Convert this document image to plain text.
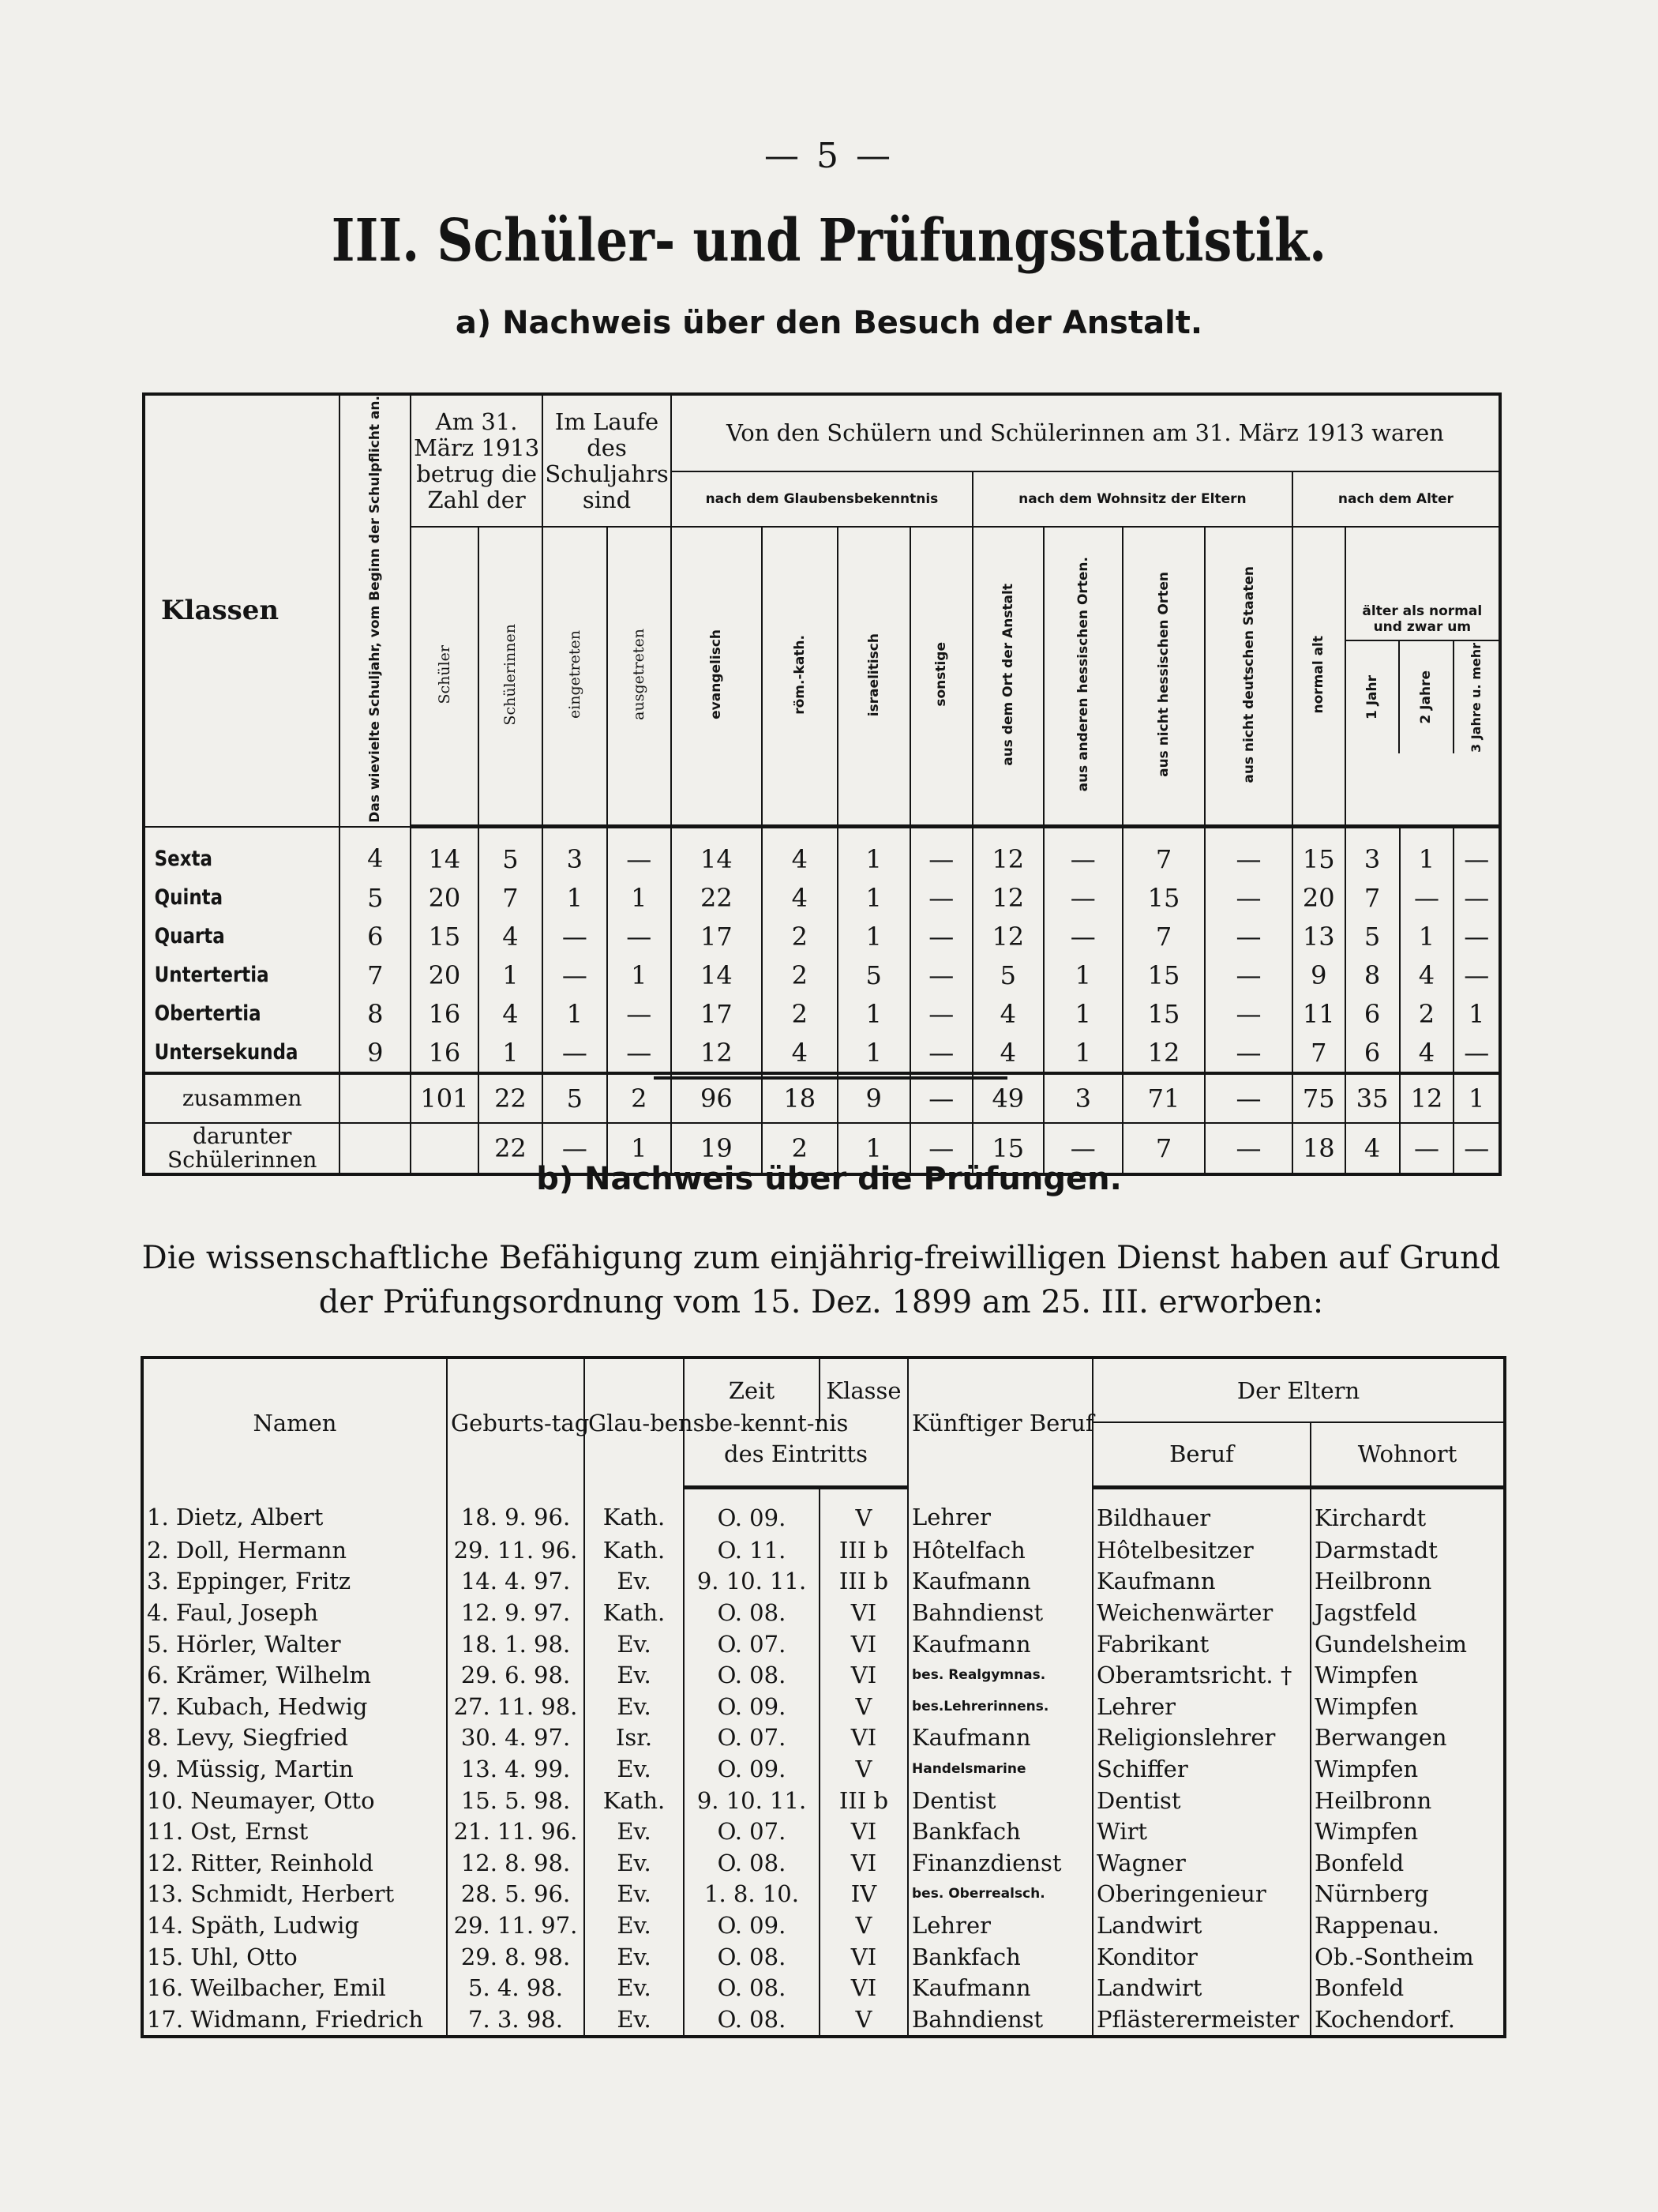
— 5 —
III. Schüler- und Prüfungsstatistik.
a) Nachweis über den Besuch der Anstalt.
Klassen	Das wievielte Schuljahr, vom Beginn der Schulpflicht an.	Am 31. März 1913 betrug die Zahl der		Im Laufe des Schuljahrs sind		Von den Schülern und Schülerinnen am 31. März 1913 waren											
						nach dem Glaubensbekenntnis				nach dem Wohnsitz der Eltern				nach dem Alter			
		Schüler	Schülerinnen	eingetreten	ausgetreten	evangelisch	röm.-kath.	israelitisch	sonstige	aus dem Ort der Anstalt	aus anderen hessischen Orten.	aus nicht hessischen Orten	aus nicht deutschen Staaten	normal alt	älter als normal und zwar um
1 Jahr 2 Jahre 3 Jahre u. mehr		

Sexta	4	14	5	3	—	14	4	1	—	12	—	7	—	15	3	1	—
Quinta	5	20	7	1	1	22	4	1	—	12	—	15	—	20	7	—	—
Quarta	6	15	4	—	—	17	2	1	—	12	—	7	—	13	5	1	—
Untertertia	7	20	1	—	1	14	2	5	—	5	1	15	—	9	8	4	—
Obertertia	8	16	4	1	—	17	2	1	—	4	1	15	—	11	6	2	1
Untersekunda	9	16	1	—	—	12	4	1	—	4	1	12	—	7	6	4	—
zusammen		101	22	5	2	96	18	9	—	49	3	71	—	75	35	12	1
darunter Schülerinnen			22	—	1	19	2	1	—	15	—	7	—	18	4	—	—
b) Nachweis über die Prüfungen.
Die wissenschaftliche Befähigung zum einjährig-freiwilligen Dienst haben auf Grund der Prüfungsordnung vom 15. Dez. 1899 am 25. III. erworben:
Namen	Geburts-tag	Glau-bensbe-kennt-nis	Zeit	Klasse	Künftiger Beruf	Der Eltern	
			des Eintritts			Beruf	Wohnort
1. Dietz, Albert	18. 9. 96.	Kath.	O. 09.	V	Lehrer	Bildhauer	Kirchardt
2. Doll, Hermann	29. 11. 96.	Kath.	O. 11.	III b	Hôtelfach	Hôtelbesitzer	Darmstadt
3. Eppinger, Fritz	14. 4. 97.	Ev.	9. 10. 11.	III b	Kaufmann	Kaufmann	Heilbronn
4. Faul, Joseph	12. 9. 97.	Kath.	O. 08.	VI	Bahndienst	Weichenwärter	Jagstfeld
5. Hörler, Walter	18. 1. 98.	Ev.	O. 07.	VI	Kaufmann	Fabrikant	Gundelsheim
6. Krämer, Wilhelm	29. 6. 98.	Ev.	O. 08.	VI	bes. Realgymnas.	Oberamtsricht. †	Wimpfen
7. Kubach, Hedwig	27. 11. 98.	Ev.	O. 09.	V	bes.Lehrerinnens.	Lehrer	Wimpfen
8. Levy, Siegfried	30. 4. 97.	Isr.	O. 07.	VI	Kaufmann	Religionslehrer	Berwangen
9. Müssig, Martin	13. 4. 99.	Ev.	O. 09.	V	Handelsmarine	Schiffer	Wimpfen
10. Neumayer, Otto	15. 5. 98.	Kath.	9. 10. 11.	III b	Dentist	Dentist	Heilbronn
11. Ost, Ernst	21. 11. 96.	Ev.	O. 07.	VI	Bankfach	Wirt	Wimpfen
12. Ritter, Reinhold	12. 8. 98.	Ev.	O. 08.	VI	Finanzdienst	Wagner	Bonfeld
13. Schmidt, Herbert	28. 5. 96.	Ev.	1. 8. 10.	IV	bes. Oberrealsch.	Oberingenieur	Nürnberg
14. Späth, Ludwig	29. 11. 97.	Ev.	O. 09.	V	Lehrer	Landwirt	Rappenau.
15. Uhl, Otto	29. 8. 98.	Ev.	O. 08.	VI	Bankfach	Konditor	Ob.-Sontheim
16. Weilbacher, Emil	5. 4. 98.	Ev.	O. 08.	VI	Kaufmann	Landwirt	Bonfeld
17. Widmann, Friedrich	7. 3. 98.	Ev.	O. 08.	V	Bahndienst	Pflästerermeister	Kochendorf.
